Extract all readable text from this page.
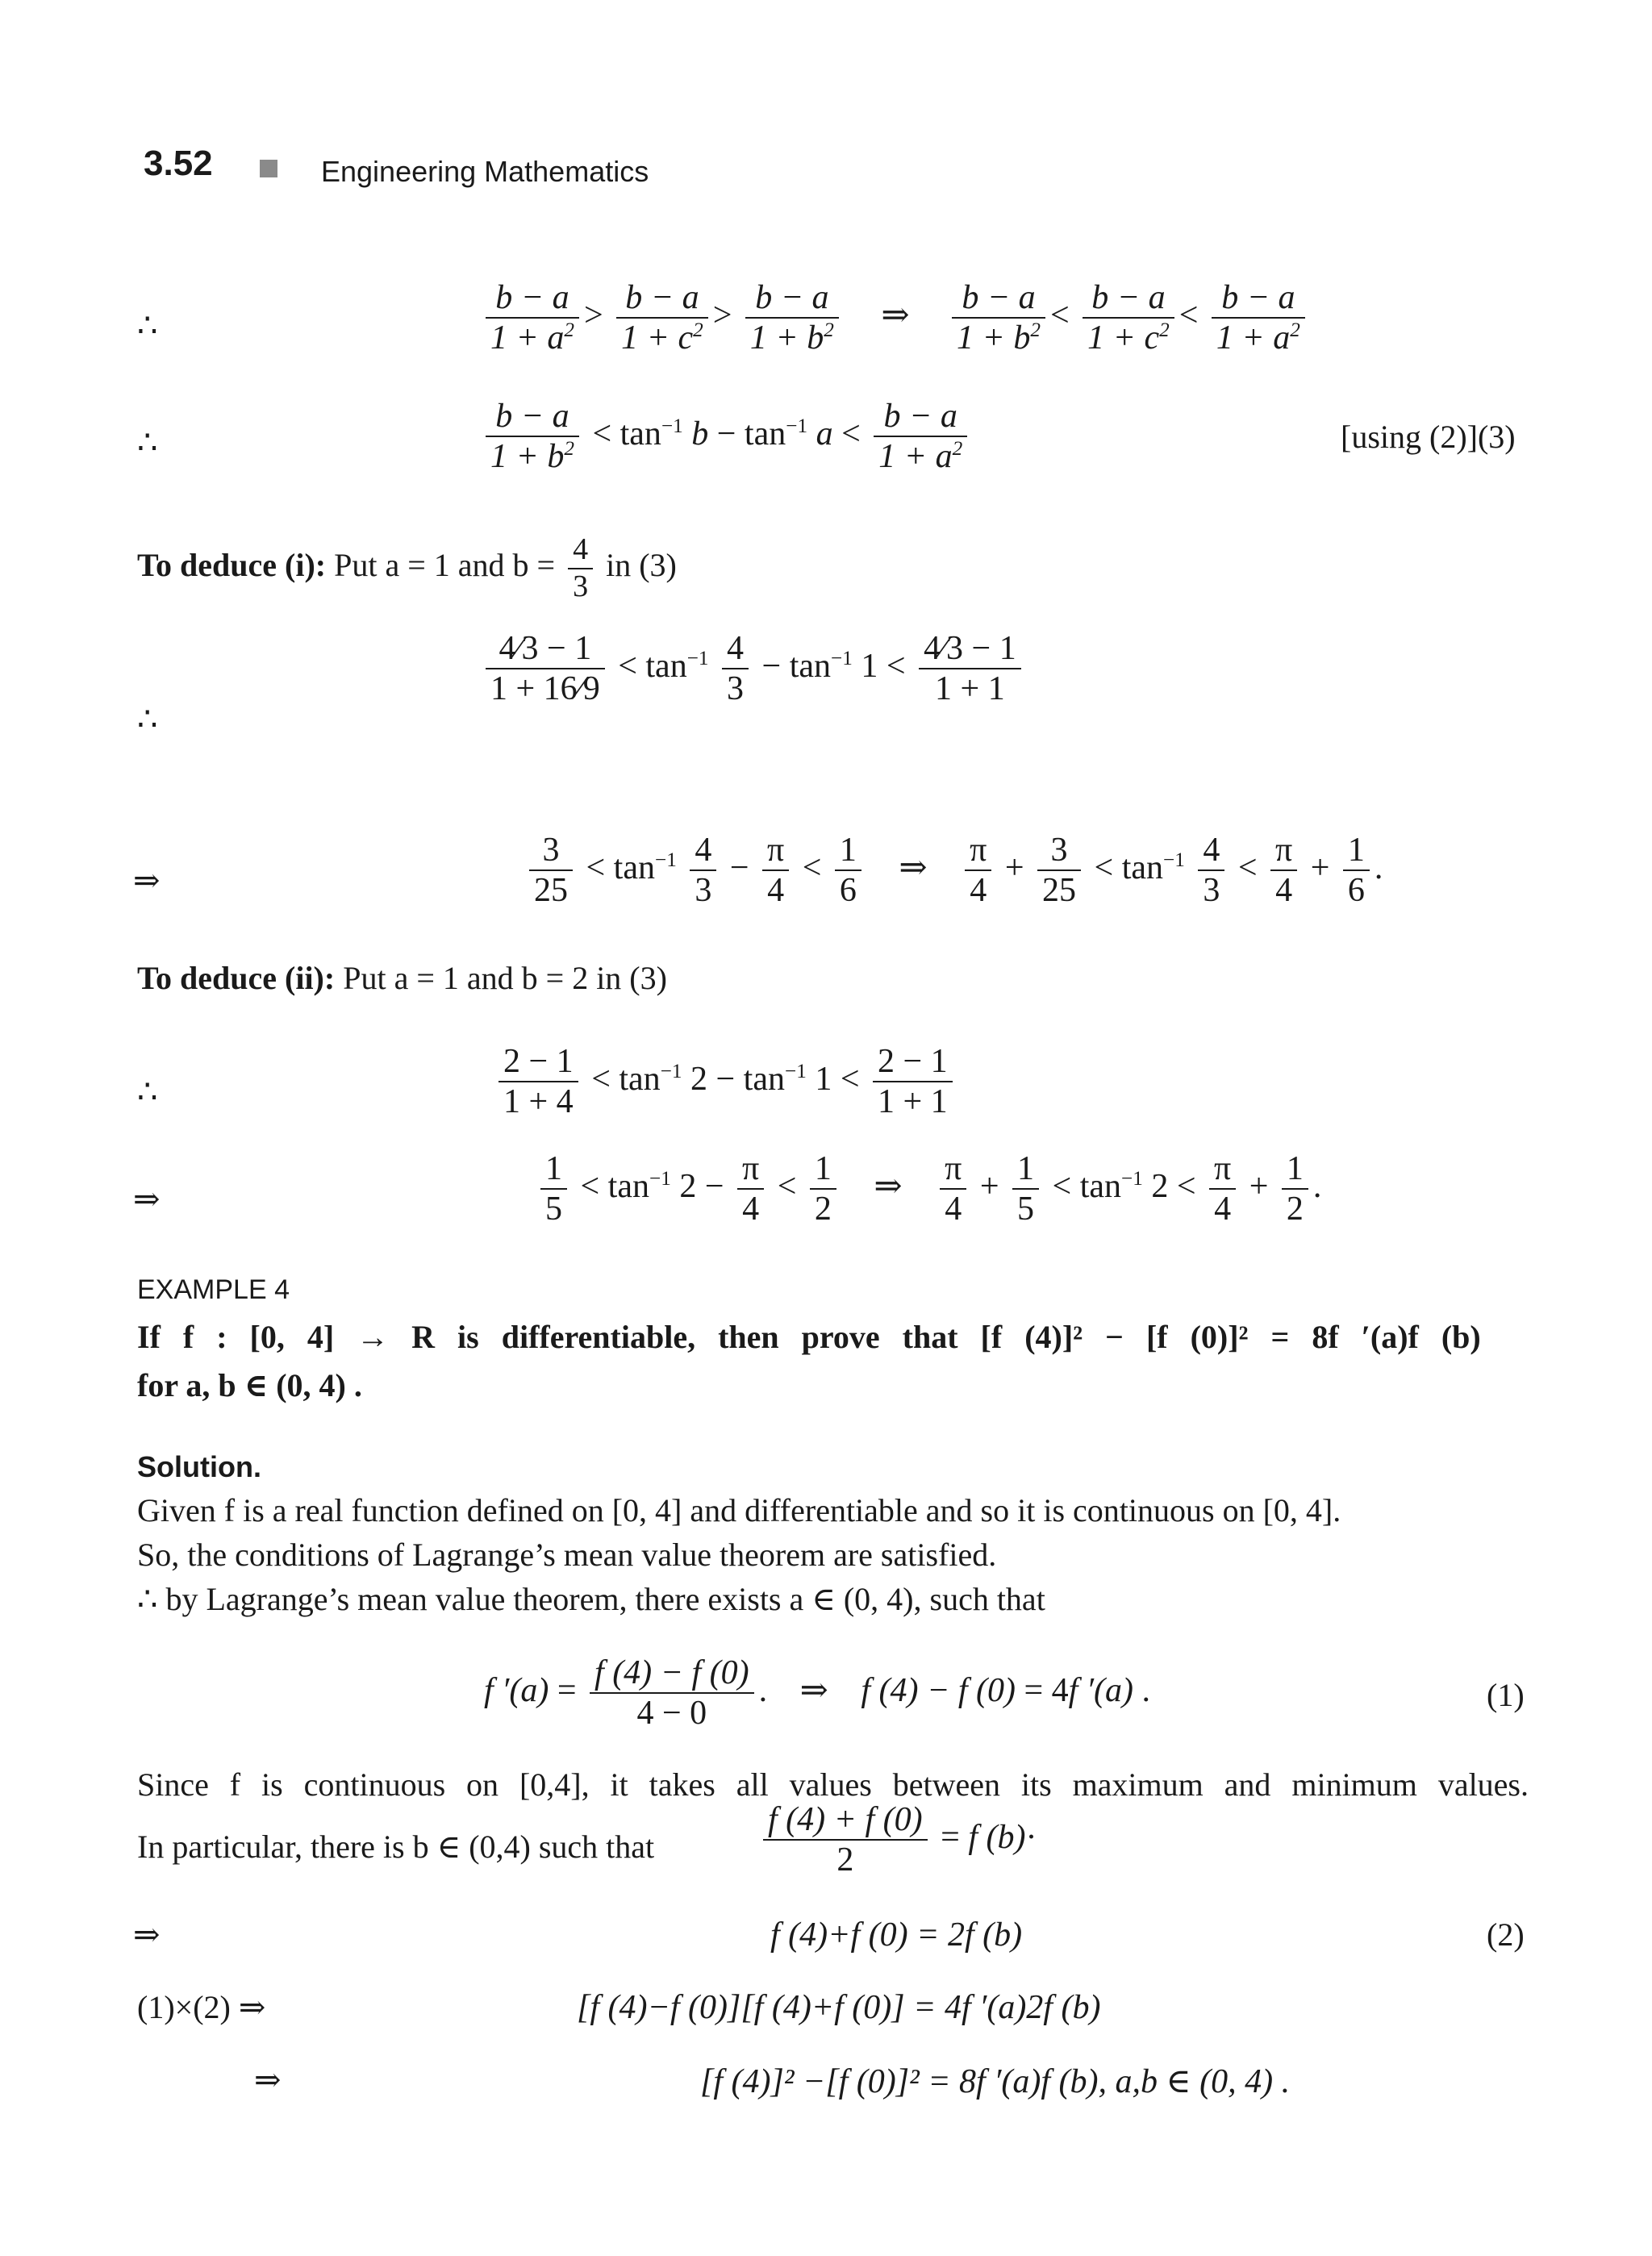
3.52	Engineering Mathematics
∴	$\frac{b - a}{1 + a^2} > \frac{b - a}{1 + c^2} > \frac{b - a}{1 + b^2}$ ⇒ $\frac{b - a}{1 + b^2} < \frac{b - a}{1 + c^2} < \frac{b - a}{1 + a^2}$
∴	$\frac{b - a}{1 + b^2} < \tan^{-1} b - \tan^{-1} a < \frac{b - a}{1 + a^2}$	[using (2)](3)
To deduce (i): Put a = 1 and $b = \frac{4}{3}$ in (3)
∴
$\frac{4⁄3 - 1}{1 + 16⁄9} < \tan^{-1} \frac{4}{3} - \tan^{-1} 1 < \frac{4⁄3 - 1}{1 + 1}$
⇒	$\frac{3}{25} < \tan^{-1} \frac{4}{3} - \frac{\pi}{4} < \frac{1}{6}$ ⇒ $\frac{\pi}{4} + \frac{3}{25} < \tan^{-1} \frac{4}{3} < \frac{\pi}{4} + \frac{1}{6}$ .
To deduce (ii): Put a = 1 and b = 2 in (3)
∴	$\frac{2 - 1}{1 + 4} < \tan^{-1} 2 - \tan^{-1} 1 < \frac{2 - 1}{1 + 1}$
⇒	$\frac{1}{5} < \tan^{-1} 2 - \frac{\pi}{4} < \frac{1}{2}$ ⇒ $\frac{\pi}{4} + \frac{1}{5} < \tan^{-1} 2 < \frac{\pi}{4} + \frac{1}{2}$ .
EXAMPLE 4
If f : [0, 4] → R is differentiable, then prove that [f (4)]² − [f (0)]² = 8f ′(a)f (b)
for a, b ∈ (0, 4) .
Solution.
Given f is a real function defined on [0, 4] and differentiable and so it is continuous on [0, 4].
So, the conditions of Lagrange’s mean value theorem are satisfied.
∴ by Lagrange’s mean value theorem, there exists a ∈ (0, 4), such that
f $'(a) = \frac{f (4) - f (0)}{4 - 0}$ . ⇒ f (4) − f (0) = 4f ′(a) .	(1)
Since f is continuous on [0,4], it takes all values between its maximum and minimum values.
In particular, there is b ∈ (0,4) such that	$\frac{f (4) + f (0)}{2} = f$ (b)·
⇒	f (4)+f (0) = 2f (b)	(2)
(1)×(2) ⇒	[f (4)−f (0)][f (4)+f (0)] = 4f ′(a)2f (b)
⇒	[f (4)]² −[f (0)]² = 8f ′(a)f (b), a,b ∈ (0, 4) .
